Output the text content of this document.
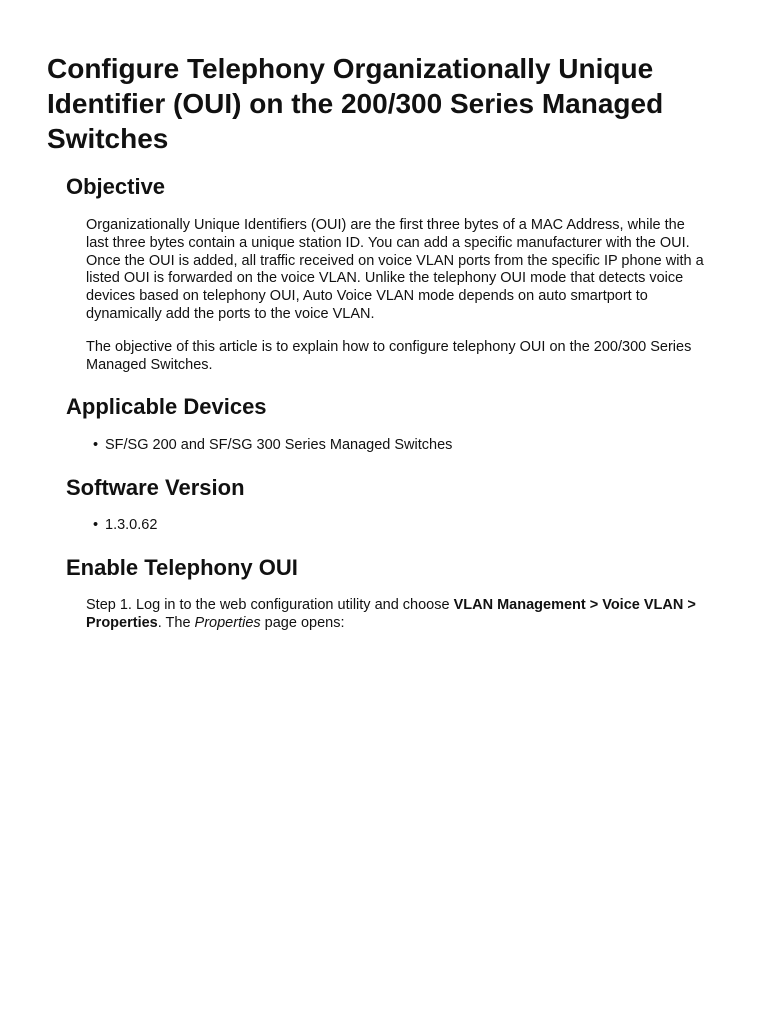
Configure Telephony Organizationally Unique Identifier (OUI) on the 200/300 Series Managed Switches
Objective

Organizationally Unique Identifiers (OUI) are the first three bytes of a MAC Address, while the last three bytes contain a unique station ID. You can add a specific manufacturer with the OUI. Once the OUI is added, all traffic received on voice VLAN ports from the specific IP phone with a listed OUI is forwarded on the voice VLAN. Unlike the telephony OUI mode that detects voice devices based on telephony OUI, Auto Voice VLAN mode depends on auto smartport to dynamically add the ports to the voice VLAN.

The objective of this article is to explain how to configure telephony OUI on the 200/300 Series Managed Switches.

Applicable Devices

• SF/SG 200 and SF/SG 300 Series Managed Switches

Software Version

• 1.3.0.62

Enable Telephony OUI

Step 1. Log in to the web configuration utility and choose VLAN Management > Voice VLAN > Properties. The Properties page opens:
